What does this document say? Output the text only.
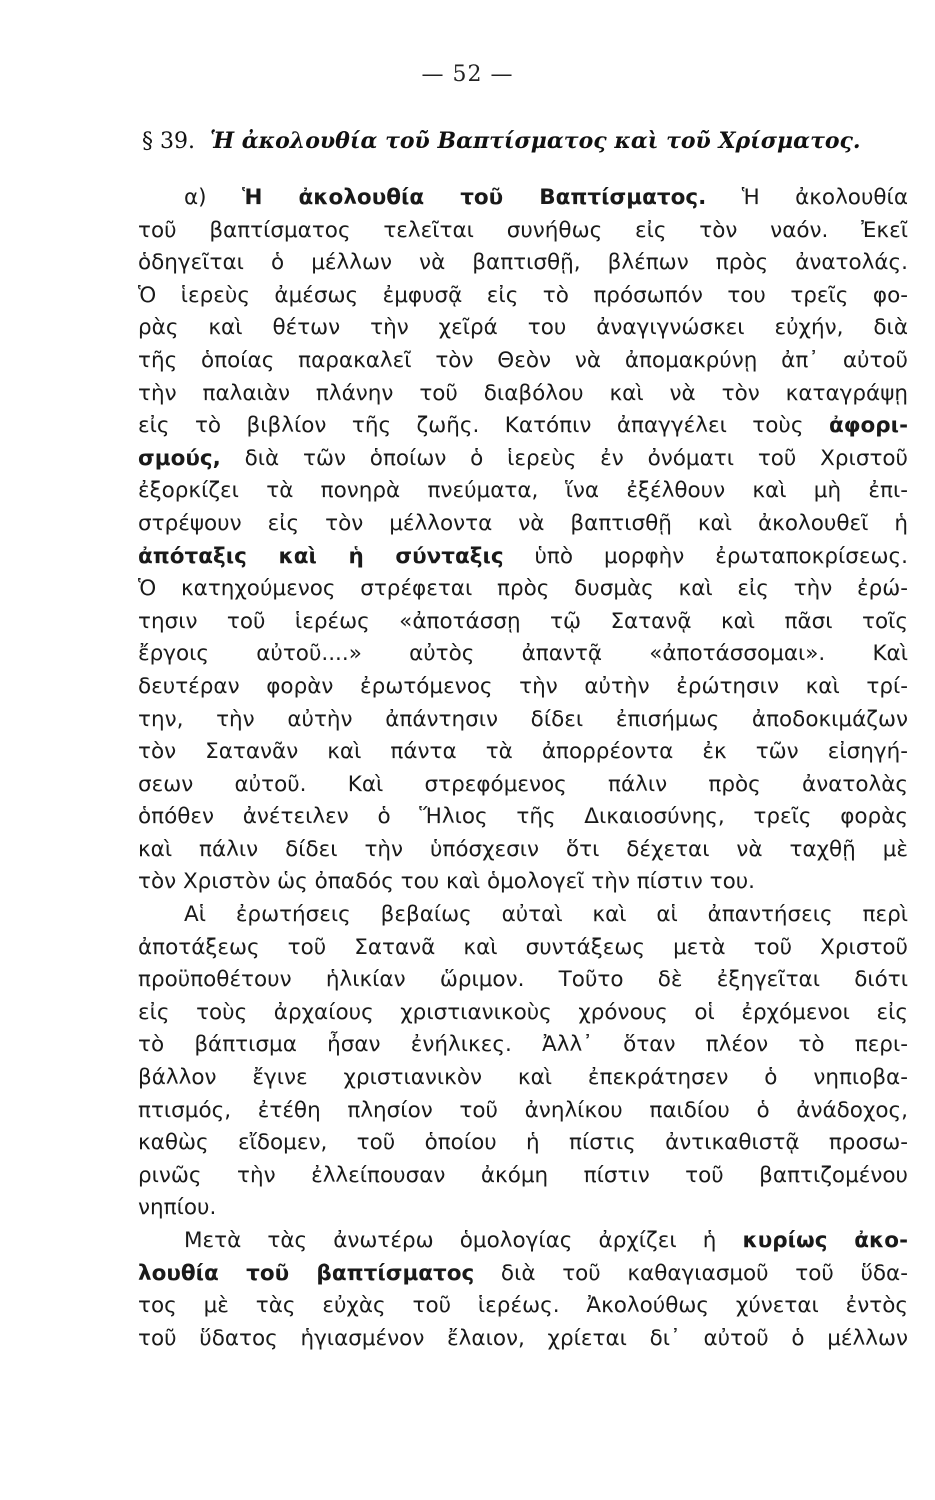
— 52 —
§ 39. Ἡ ἀκολουθία τοῦ Βαπτίσματος καὶ τοῦ Χρίσματος.
α) Ἡ ἀκολουθία τοῦ Βαπτίσματος. Ἡ ἀκολουθία
τοῦ βαπτίσματος τελεῖται συνήθως εἰς τὸν ναόν. Ἐκεῖ
ὁδηγεῖται ὁ μέλλων νὰ βαπτισθῇ, βλέπων πρὸς ἀνατολάς.
Ὁ ἱερεὺς ἀμέσως ἐμφυσᾷ εἰς τὸ πρόσωπόν του τρεῖς φο-
ρὰς καὶ θέτων τὴν χεῖρά του ἀναγιγνώσκει εὐχήν, διὰ
τῆς ὁποίας παρακαλεῖ τὸν Θεὸν νὰ ἀπομακρύνῃ ἀπ᾿ αὐτοῦ
τὴν παλαιὰν πλάνην τοῦ διαβόλου καὶ νὰ τὸν καταγράψῃ
εἰς τὸ βιβλίον τῆς ζωῆς. Κατόπιν ἀπαγγέλει τοὺς ἀφορι-
σμούς, διὰ τῶν ὁποίων ὁ ἱερεὺς ἐν ὀνόματι τοῦ Χριστοῦ
ἐξορκίζει τὰ πονηρὰ πνεύματα, ἵνα ἐξέλθουν καὶ μὴ ἐπι-
στρέψουν εἰς τὸν μέλλοντα νὰ βαπτισθῇ καὶ ἀκολουθεῖ ἡ
ἀπόταξις καὶ ἡ σύνταξις ὑπὸ μορφὴν ἐρωταποκρίσεως.
Ὁ κατηχούμενος στρέφεται πρὸς δυσμὰς καὶ εἰς τὴν ἐρώ-
τησιν τοῦ ἱερέως «ἀποτάσσῃ τῷ Σατανᾷ καὶ πᾶσι τοῖς
ἔργοις αὐτοῦ....» αὐτὸς ἀπαντᾷ «ἀποτάσσομαι». Καὶ
δευτέραν φορὰν ἐρωτόμενος τὴν αὐτὴν ἐρώτησιν καὶ τρί-
την, τὴν αὐτὴν ἀπάντησιν δίδει ἐπισήμως ἀποδοκιμάζων
τὸν Σατανᾶν καὶ πάντα τὰ ἀπορρέοντα ἐκ τῶν εἰσηγή-
σεων αὐτοῦ. Καὶ στρεφόμενος πάλιν πρὸς ἀνατολὰς
ὁπόθεν ἀνέτειλεν ὁ Ἥλιος τῆς Δικαιοσύνης, τρεῖς φορὰς
καὶ πάλιν δίδει τὴν ὑπόσχεσιν ὅτι δέχεται νὰ ταχθῇ μὲ
τὸν Χριστὸν ὡς ὀπαδός του καὶ ὁμολογεῖ τὴν πίστιν του.
Αἱ ἐρωτήσεις βεβαίως αὐταὶ καὶ αἱ ἀπαντήσεις περὶ
ἀποτάξεως τοῦ Σατανᾶ καὶ συντάξεως μετὰ τοῦ Χριστοῦ
προϋποθέτουν ἡλικίαν ὥριμον. Τοῦτο δὲ ἐξηγεῖται διότι
εἰς τοὺς ἀρχαίους χριστιανικοὺς χρόνους οἱ ἐρχόμενοι εἰς
τὸ βάπτισμα ἦσαν ἐνήλικες. Ἀλλ᾿ ὅταν πλέον τὸ περι-
βάλλον ἔγινε χριστιανικὸν καὶ ἐπεκράτησεν ὁ νηπιοβα-
πτισμός, ἐτέθη πλησίον τοῦ ἀνηλίκου παιδίου ὁ ἀνάδοχος,
καθὼς εἴδομεν, τοῦ ὁποίου ἡ πίστις ἀντικαθιστᾷ προσω-
ρινῶς τὴν ἐλλείπουσαν ἀκόμη πίστιν τοῦ βαπτιζομένου
νηπίου.
Μετὰ τὰς ἀνωτέρω ὁμολογίας ἀρχίζει ἡ κυρίως ἀκο-
λουθία τοῦ βαπτίσματος διὰ τοῦ καθαγιασμοῦ τοῦ ὕδα-
τος μὲ τὰς εὐχὰς τοῦ ἱερέως. Ἀκολούθως χύνεται ἐντὸς
τοῦ ὕδατος ἡγιασμένον ἔλαιον, χρίεται δι᾿ αὐτοῦ ὁ μέλλων
